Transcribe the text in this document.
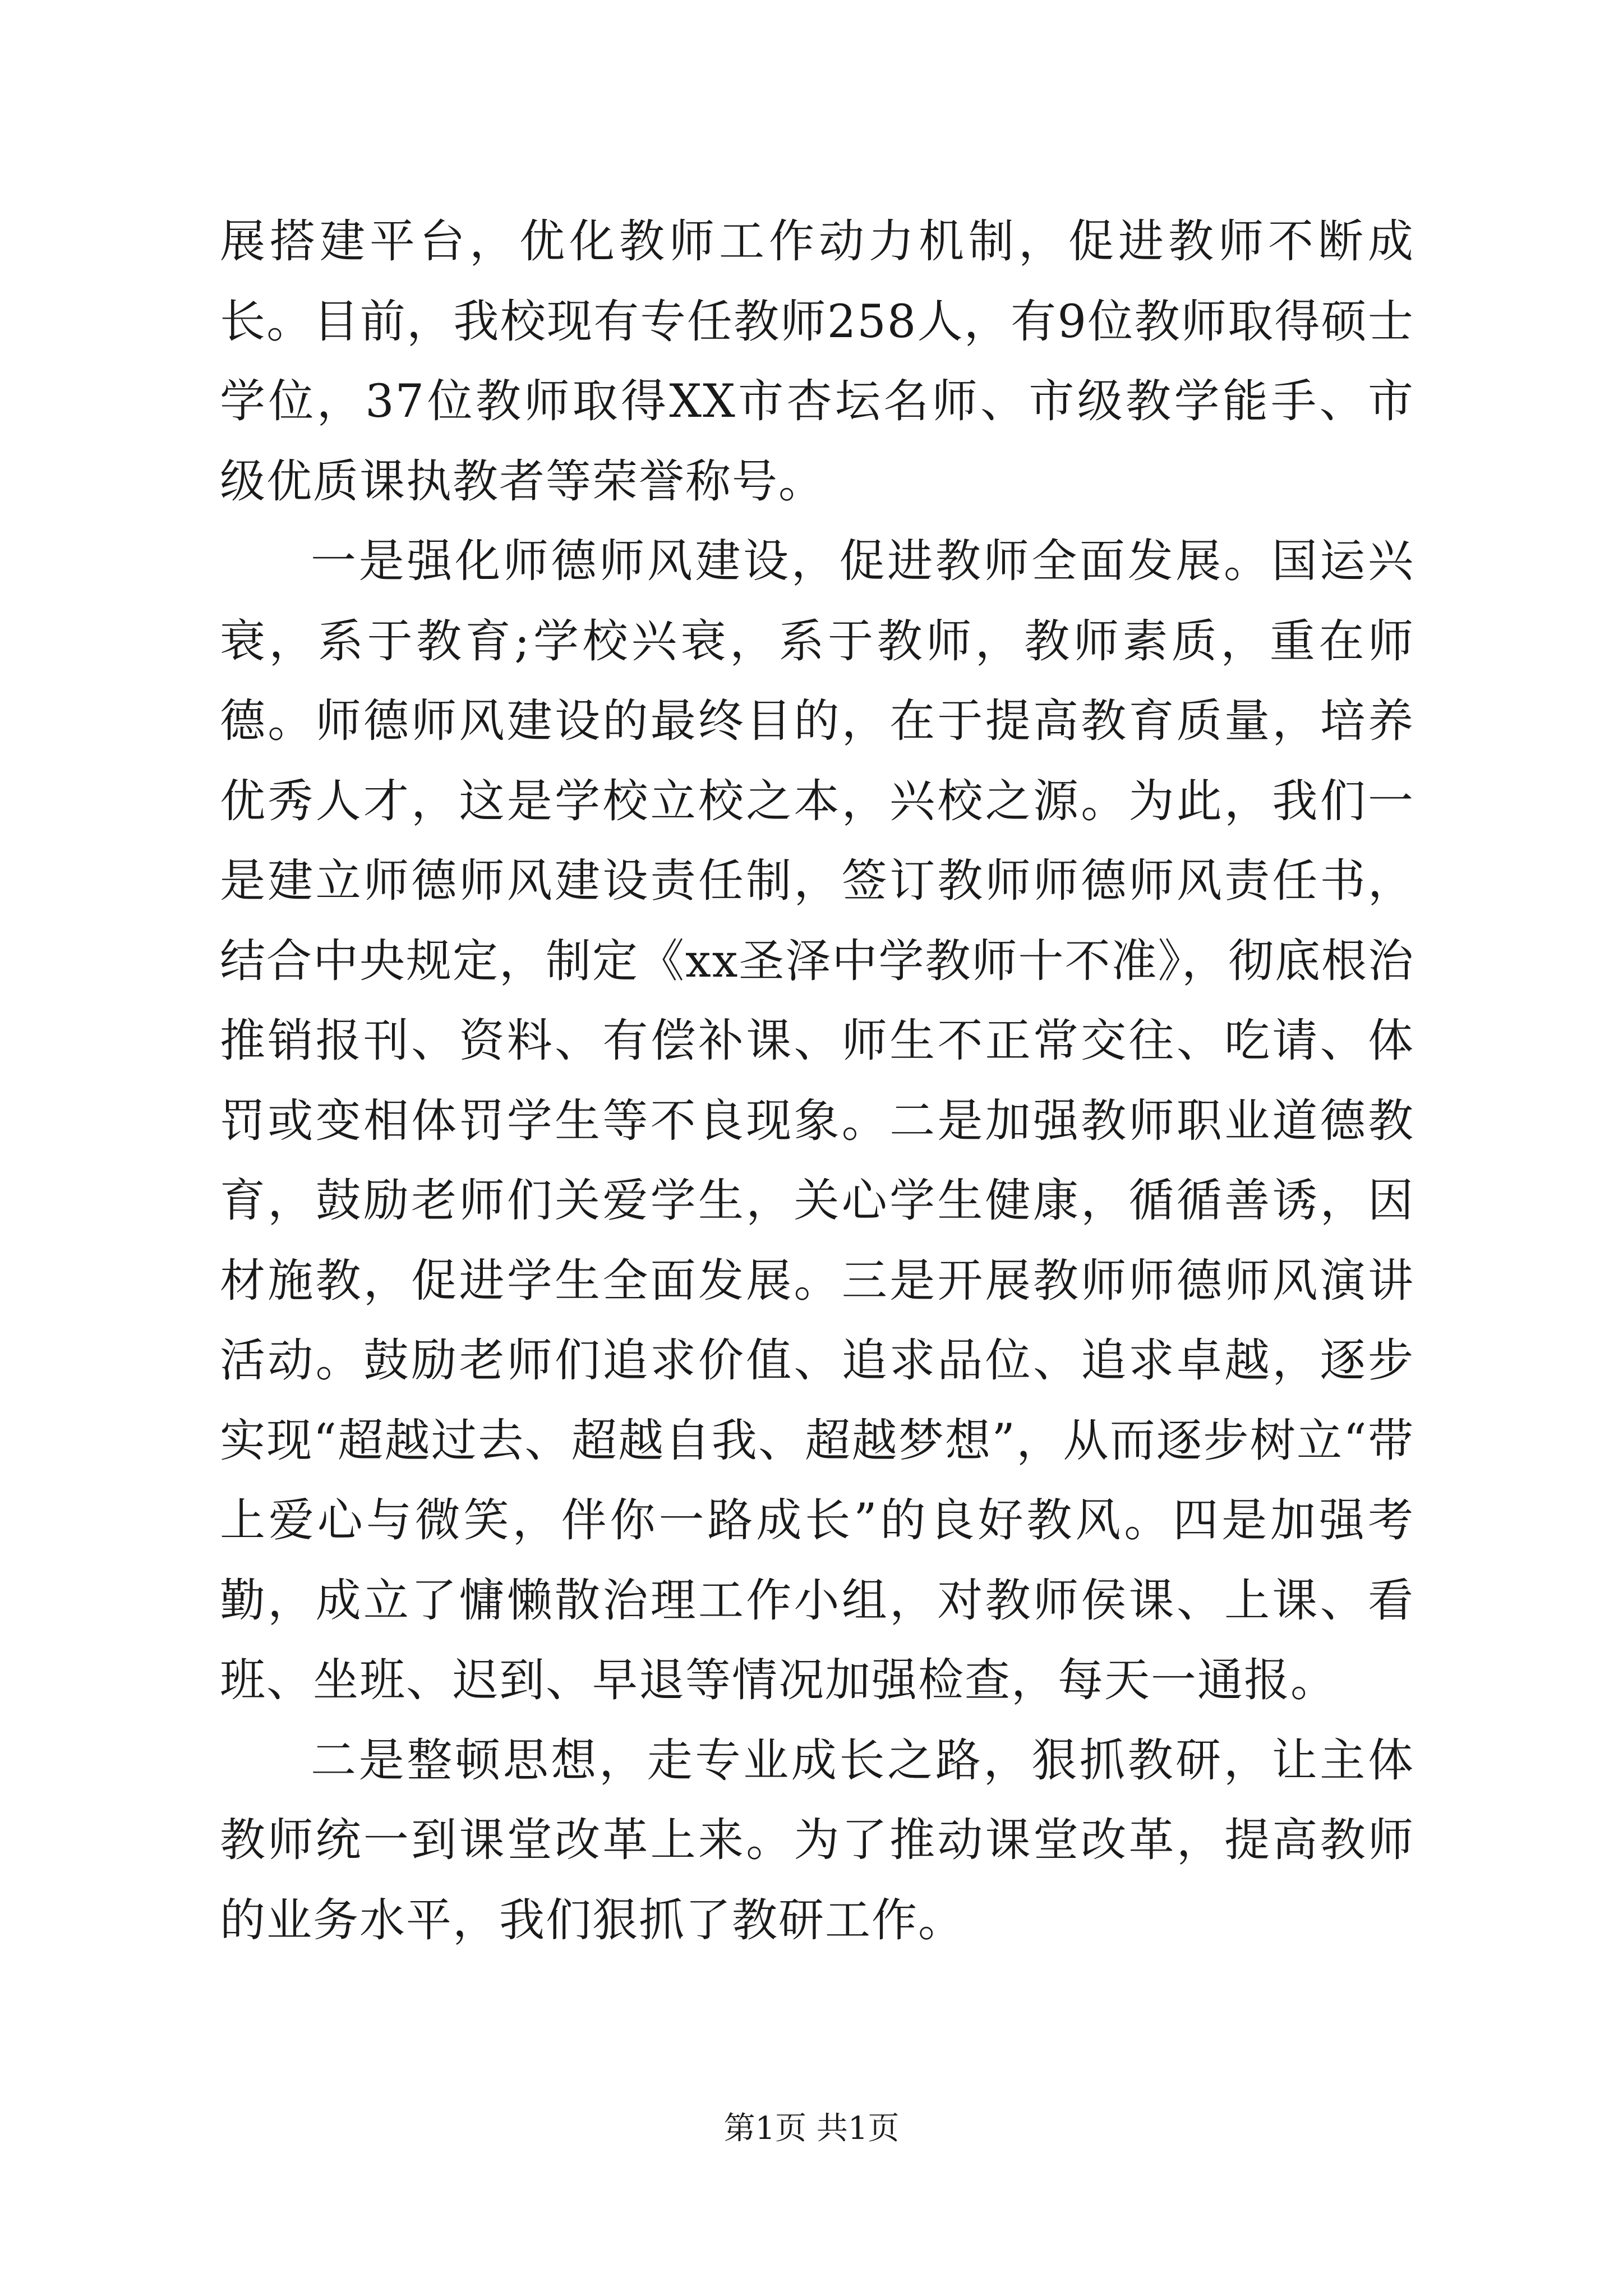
展搭建平台，优化教师工作动力机制，促进教师不断成长。目前，我校现有专任教师258人，有9位教师取得硕士学位，37位教师取得XX市杏坛名师、市级教学能手、市级优质课执教者等荣誉称号。

一是强化师德师风建设，促进教师全面发展。国运兴衰，系于教育;学校兴衰，系于教师，教师素质，重在师德。师德师风建设的最终目的，在于提高教育质量，培养优秀人才，这是学校立校之本，兴校之源。为此，我们一是建立师德师风建设责任制，签订教师师德师风责任书，结合中央规定，制定《xx圣泽中学教师十不准》，彻底根治推销报刊、资料、有偿补课、师生不正常交往、吃请、体罚或变相体罚学生等不良现象。二是加强教师职业道德教育，鼓励老师们关爱学生，关心学生健康，循循善诱，因材施教，促进学生全面发展。三是开展教师师德师风演讲活动。鼓励老师们追求价值、追求品位、追求卓越，逐步实现“超越过去、超越自我、超越梦想”，从而逐步树立“带上爱心与微笑，伴你一路成长”的良好教风。四是加强考勤，成立了慵懒散治理工作小组，对教师侯课、上课、看班、坐班、迟到、早退等情况加强检查，每天一通报。

二是整顿思想，走专业成长之路，狠抓教研，让主体教师统一到课堂改革上来。为了推动课堂改革，提高教师的业务水平，我们狠抓了教研工作。

第1页 共1页
